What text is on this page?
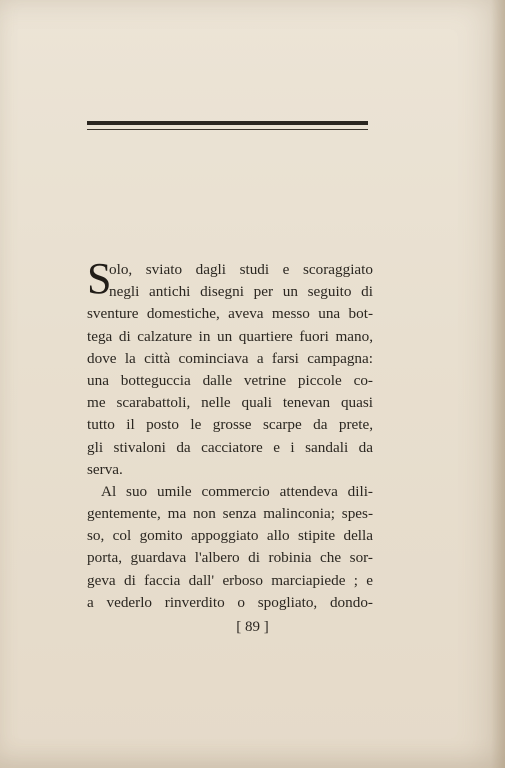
S
olo, sviato dagli studi e scoraggiato
negli antichi disegni per un seguito di
sventure domestiche, aveva messo una bot-
tega di calzature in un quartiere fuori mano,
dove la città cominciava a farsi campagna:
una botteguccia dalle vetrine piccole co-
me scarabattoli, nelle quali tenevan quasi
tutto il posto le grosse scarpe da prete,
gli stivaloni da cacciatore e i sandali da
serva.
Al suo umile commercio attendeva dili-
gentemente, ma non senza malinconia; spes-
so, col gomito appoggiato allo stipite della
porta, guardava l'albero di robinia che sor-
geva di faccia dall' erboso marciapiede ; e
a vederlo rinverdito o spogliato, dondo-
[ 89 ]
